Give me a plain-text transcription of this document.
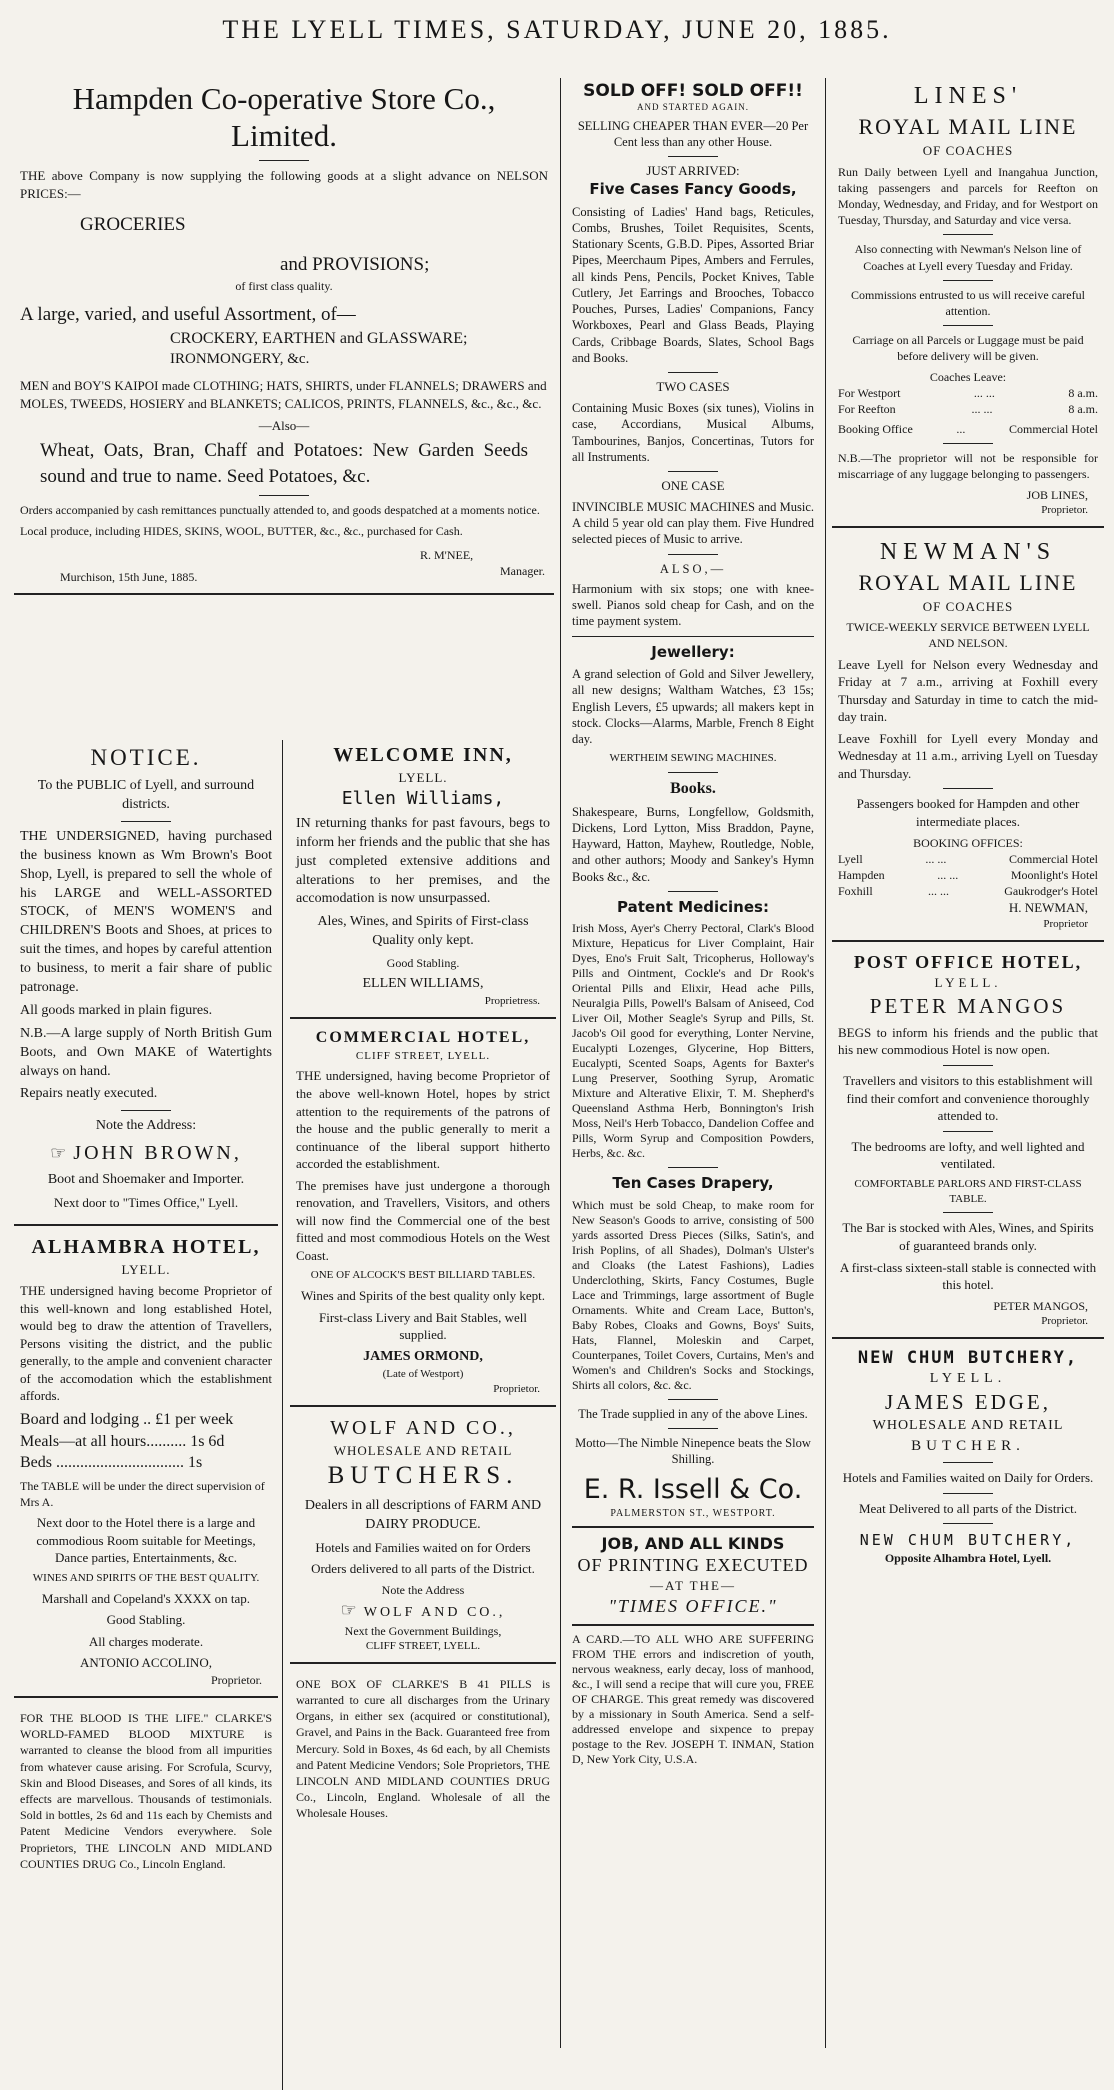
THE LYELL TIMES, SATURDAY, JUNE 20, 1885.
Hampden Co-operative Store Co., Limited.

THE above Company is now supplying the following goods at a slight advance on NELSON PRICES:—

GROCERIES
and PROVISIONS;
of first class quality.
A large, varied, and useful Assortment, of—
CROCKERY, EARTHEN and GLASSWARE;
IRONMONGERY, &c.

MEN and BOY'S KAIPOI made CLOTHING; HATS, SHIRTS, under FLANNELS; DRAWERS and MOLES, TWEEDS, HOSIERY and BLANKETS; CALICOS, PRINTS, FLANNELS, &c., &c., &c.

—Also—

Wheat, Oats, Bran, Chaff and Potatoes: New Garden Seeds sound and true to name. Seed Potatoes, &c.

Orders accompanied by cash remittances punctually attended to, and goods despatched at a moments notice.

Local produce, including HIDES, SKINS, WOOL, BUTTER, &c., &c., purchased for Cash.

R. M'NEE,
Manager.
Murchison, 15th June, 1885.
NOTICE.

To the PUBLIC of Lyell, and surround districts.

THE UNDERSIGNED, having purchased the business known as Wm Brown's Boot Shop, Lyell, is prepared to sell the whole of his LARGE and WELL-ASSORTED STOCK, of MEN'S WOMEN'S and CHILDREN'S Boots and Shoes, at prices to suit the times, and hopes by careful attention to business, to merit a fair share of public patronage.

All goods marked in plain figures.

N.B.—A large supply of North British Gum Boots, and Own MAKE of Watertights always on hand.

Repairs neatly executed.

Note the Address:

☞ JOHN BROWN,

Boot and Shoemaker and Importer.

Next door to "Times Office," Lyell.

ALHAMBRA HOTEL,
LYELL.

THE undersigned having become Proprietor of this well-known and long established Hotel, would beg to draw the attention of Travellers, Persons visiting the district, and the public generally, to the ample and convenient character of the accomodation which the establishment affords.

Board and lodging .. £1 per week
Meals—at all hours.......... 1s 6d
Beds ................................ 1s

The TABLE will be under the direct supervision of Mrs A.

Next door to the Hotel there is a large and commodious Room suitable for Meetings, Dance parties, Entertainments, &c.

WINES AND SPIRITS OF THE BEST QUALITY.

Marshall and Copeland's XXXX on tap.

Good Stabling.

All charges moderate.

ANTONIO ACCOLINO,
Proprietor.

FOR THE BLOOD IS THE LIFE." CLARKE'S WORLD-FAMED BLOOD MIXTURE is warranted to cleanse the blood from all impurities from whatever cause arising. For Scrofula, Scurvy, Skin and Blood Diseases, and Sores of all kinds, its effects are marvellous. Thousands of testimonials. Sold in bottles, 2s 6d and 11s each by Chemists and Patent Medicine Vendors everywhere. Sole Proprietors, THE LINCOLN AND MIDLAND COUNTIES DRUG Co., Lincoln England.

WELCOME INN,
LYELL.
Ellen Williams,

IN returning thanks for past favours, begs to inform her friends and the public that she has just completed extensive additions and alterations to her premises, and the accomodation is now unsurpassed.

Ales, Wines, and Spirits of First-class Quality only kept.

Good Stabling.

ELLEN WILLIAMS,
Proprietress.
COMMERCIAL HOTEL,
CLIFF STREET, LYELL.

THE undersigned, having become Proprietor of the above well-known Hotel, hopes by strict attention to the requirements of the patrons of the house and the public generally to merit a continuance of the liberal support hitherto accorded the establishment.

The premises have just undergone a thorough renovation, and Travellers, Visitors, and others will now find the Commercial one of the best fitted and most commodious Hotels on the West Coast.

ONE OF ALCOCK'S BEST BILLIARD TABLES.

Wines and Spirits of the best quality only kept.

First-class Livery and Bait Stables, well supplied.

JAMES ORMOND,
(Late of Westport)
Proprietor.
WOLF AND CO.,
WHOLESALE AND RETAIL
BUTCHERS.

Dealers in all descriptions of FARM AND DAIRY PRODUCE.

Hotels and Families waited on for Orders

Orders delivered to all parts of the District.

Note the Address
☞ WOLF AND CO.,
Next the Government Buildings,
CLIFF STREET, LYELL.

ONE BOX OF CLARKE'S B 41 PILLS is warranted to cure all discharges from the Urinary Organs, in either sex (acquired or constitutional), Gravel, and Pains in the Back. Guaranteed free from Mercury. Sold in Boxes, 4s 6d each, by all Chemists and Patent Medicine Vendors; Sole Proprietors, THE LINCOLN AND MIDLAND COUNTIES DRUG Co., Lincoln, England. Wholesale of all the Wholesale Houses.

SOLD OFF! SOLD OFF!!
AND STARTED AGAIN.

SELLING CHEAPER THAN EVER—20 Per Cent less than any other House.

JUST ARRIVED:
Five Cases Fancy Goods,

Consisting of Ladies' Hand bags, Reticules, Combs, Brushes, Toilet Requisites, Scents, Stationary Scents, G.B.D. Pipes, Assorted Briar Pipes, Meerchaum Pipes, Ambers and Ferrules, all kinds Pens, Pencils, Pocket Knives, Table Cutlery, Jet Earrings and Brooches, Tobacco Pouches, Purses, Ladies' Companions, Fancy Workboxes, Pearl and Glass Beads, Playing Cards, Cribbage Boards, Slates, School Bags and Books.

TWO CASES

Containing Music Boxes (six tunes), Violins in case, Accordians, Musical Albums, Tambourines, Banjos, Concertinas, Tutors for all Instruments.

ONE CASE

INVINCIBLE MUSIC MACHINES and Music. A child 5 year old can play them. Five Hundred selected pieces of Music to arrive.

ALSO,—

Harmonium with six stops; one with knee-swell. Pianos sold cheap for Cash, and on the time payment system.

Jewellery:

A grand selection of Gold and Silver Jewellery, all new designs; Waltham Watches, £3 15s; English Levers, £5 upwards; all makers kept in stock. Clocks—Alarms, Marble, French 8 Eight day.

WERTHEIM SEWING MACHINES.
Books.

Shakespeare, Burns, Longfellow, Goldsmith, Dickens, Lord Lytton, Miss Braddon, Payne, Hayward, Hatton, Mayhew, Routledge, Noble, and other authors; Moody and Sankey's Hymn Books &c., &c.

Patent Medicines:

Irish Moss, Ayer's Cherry Pectoral, Clark's Blood Mixture, Hepaticus for Liver Complaint, Hair Dyes, Eno's Fruit Salt, Tricopherus, Holloway's Pills and Ointment, Cockle's and Dr Rook's Oriental Pills and Elixir, Head ache Pills, Neuralgia Pills, Powell's Balsam of Aniseed, Cod Liver Oil, Mother Seagle's Syrup and Pills, St. Jacob's Oil good for everything, Lonter Nervine, Eucalypti Lozenges, Glycerine, Hop Bitters, Eucalypti, Scented Soaps, Agents for Baxter's Lung Preserver, Soothing Syrup, Aromatic Mixture and Alterative Elixir, T. M. Shepherd's Queensland Asthma Herb, Bonnington's Irish Moss, Neil's Herb Tobacco, Dandelion Coffee and Pills, Worm Syrup and Composition Powders, Herbs, &c. &c.

Ten Cases Drapery,

Which must be sold Cheap, to make room for New Season's Goods to arrive, consisting of 500 yards assorted Dress Pieces (Silks, Satin's, and Irish Poplins, of all Shades), Dolman's Ulster's and Cloaks (the Latest Fashions), Ladies Underclothing, Skirts, Fancy Costumes, Bugle Lace and Trimmings, large assortment of Bugle Ornaments. White and Cream Lace, Button's, Baby Robes, Cloaks and Gowns, Boys' Suits, Hats, Flannel, Moleskin and Carpet, Counterpanes, Toilet Covers, Curtains, Men's and Women's and Children's Socks and Stockings, Shirts all colors, &c. &c.

The Trade supplied in any of the above Lines.

Motto—The Nimble Ninepence beats the Slow Shilling.

E. R. Issell & Co.
PALMERSTON ST., WESTPORT.
JOB, AND ALL KINDS
OF PRINTING EXECUTED
—AT THE—
"TIMES OFFICE."

A CARD.—TO ALL WHO ARE SUFFERING FROM THE errors and indiscretion of youth, nervous weakness, early decay, loss of manhood, &c., I will send a recipe that will cure you, FREE OF CHARGE. This great remedy was discovered by a missionary in South America. Send a self-addressed envelope and sixpence to prepay postage to the Rev. JOSEPH T. INMAN, Station D, New York City, U.S.A.

LINES'
ROYAL MAIL LINE
OF COACHES

Run Daily between Lyell and Inangahua Junction, taking passengers and parcels for Reefton on Monday, Wednesday, and Friday, and for Westport on Tuesday, Thursday, and Saturday and vice versa.

Also connecting with Newman's Nelson line of Coaches at Lyell every Tuesday and Friday.

Commissions entrusted to us will receive careful attention.

Carriage on all Parcels or Luggage must be paid before delivery will be given.

Coaches Leave:
For Westport	... ...	8 a.m.
For Reefton	... ...	8 a.m.
Booking Office	...	Commercial Hotel

N.B.—The proprietor will not be responsible for miscarriage of any luggage belonging to passengers.

JOB LINES,
Proprietor.
NEWMAN'S
ROYAL MAIL LINE
OF COACHES

TWICE-WEEKLY SERVICE BETWEEN LYELL AND NELSON.

Leave Lyell for Nelson every Wednesday and Friday at 7 a.m., arriving at Foxhill every Thursday and Saturday in time to catch the mid-day train.

Leave Foxhill for Lyell every Monday and Wednesday at 11 a.m., arriving Lyell on Tuesday and Thursday.

Passengers booked for Hampden and other intermediate places.

BOOKING OFFICES:
Lyell	... ...	Commercial Hotel
Hampden	... ...	Moonlight's Hotel
Foxhill	... ...	Gaukrodger's Hotel
H. NEWMAN,
Proprietor
POST OFFICE HOTEL,
LYELL.
PETER MANGOS

BEGS to inform his friends and the public that his new commodious Hotel is now open.

Travellers and visitors to this establishment will find their comfort and convenience thoroughly attended to.

The bedrooms are lofty, and well lighted and ventilated.

COMFORTABLE PARLORS AND FIRST-CLASS TABLE.

The Bar is stocked with Ales, Wines, and Spirits of guaranteed brands only.

A first-class sixteen-stall stable is connected with this hotel.

PETER MANGOS,
Proprietor.
NEW CHUM BUTCHERY,
LYELL.
JAMES EDGE,
WHOLESALE AND RETAIL
BUTCHER.

Hotels and Families waited on Daily for Orders.

Meat Delivered to all parts of the District.

NEW CHUM BUTCHERY,
Opposite Alhambra Hotel, Lyell.
